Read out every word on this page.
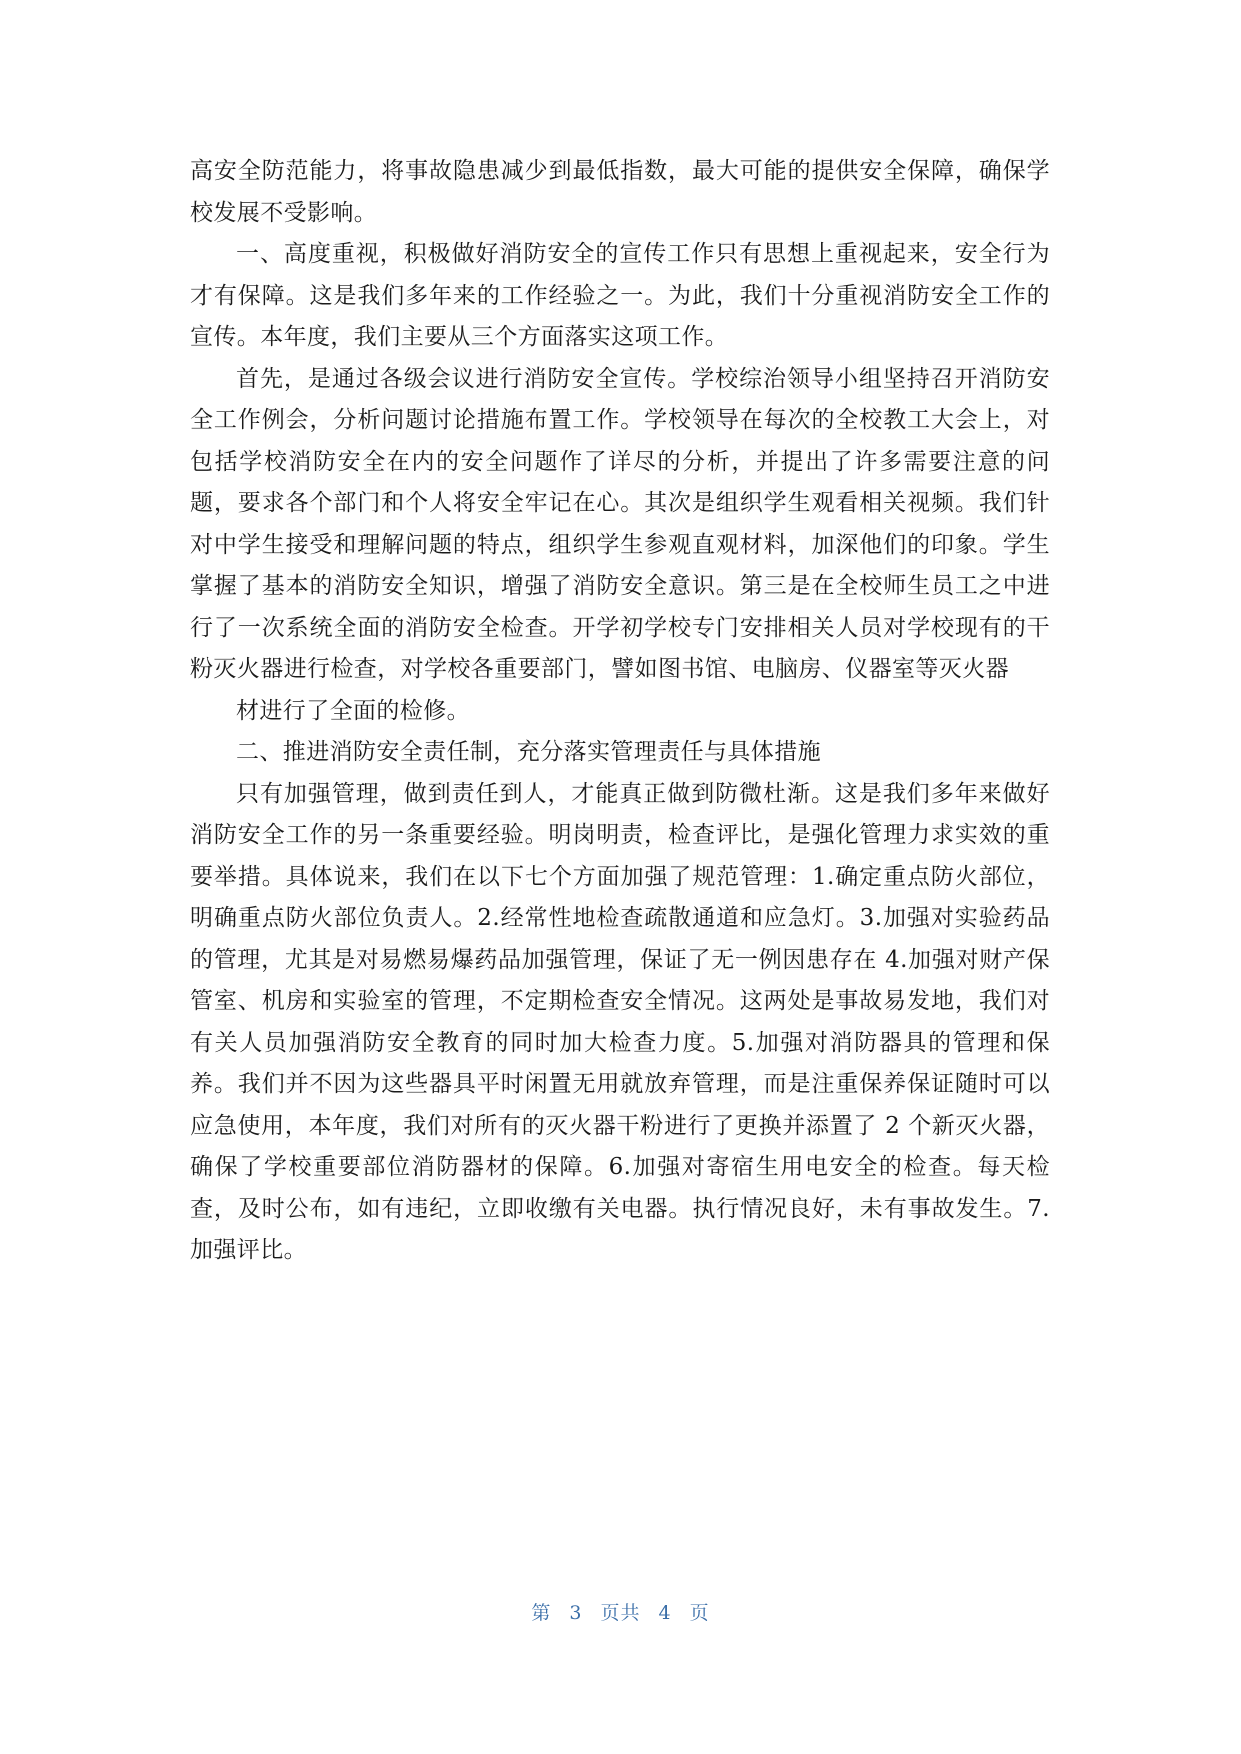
高安全防范能力，将事故隐患减少到最低指数，最大可能的提供安全保障，确保学校发展不受影响。

一、高度重视，积极做好消防安全的宣传工作只有思想上重视起来，安全行为才有保障。这是我们多年来的工作经验之一。为此，我们十分重视消防安全工作的宣传。本年度，我们主要从三个方面落实这项工作。

首先，是通过各级会议进行消防安全宣传。学校综治领导小组坚持召开消防安全工作例会，分析问题讨论措施布置工作。学校领导在每次的全校教工大会上，对包括学校消防安全在内的安全问题作了详尽的分析，并提出了许多需要注意的问题，要求各个部门和个人将安全牢记在心。其次是组织学生观看相关视频。我们针对中学生接受和理解问题的特点，组织学生参观直观材料，加深他们的印象。学生掌握了基本的消防安全知识，增强了消防安全意识。第三是在全校师生员工之中进行了一次系统全面的消防安全检查。开学初学校专门安排相关人员对学校现有的干粉灭火器进行检查，对学校各重要部门，譬如图书馆、电脑房、仪器室等灭火器

材进行了全面的检修。

二、推进消防安全责任制，充分落实管理责任与具体措施

只有加强管理，做到责任到人，才能真正做到防微杜渐。这是我们多年来做好消防安全工作的另一条重要经验。明岗明责，检查评比，是强化管理力求实效的重要举措。具体说来，我们在以下七个方面加强了规范管理：1.确定重点防火部位，明确重点防火部位负责人。2.经常性地检查疏散通道和应急灯。3.加强对实验药品的管理，尤其是对易燃易爆药品加强管理，保证了无一例因患存在 4.加强对财产保管室、机房和实验室的管理，不定期检查安全情况。这两处是事故易发地，我们对有关人员加强消防安全教育的同时加大检查力度。5.加强对消防器具的管理和保养。我们并不因为这些器具平时闲置无用就放弃管理，而是注重保养保证随时可以应急使用，本年度，我们对所有的灭火器干粉进行了更换并添置了 2 个新灭火器，确保了学校重要部位消防器材的保障。6.加强对寄宿生用电安全的检查。每天检查，及时公布，如有违纪，立即收缴有关电器。执行情况良好，未有事故发生。7.加强评比。

第 3 页共 4 页
